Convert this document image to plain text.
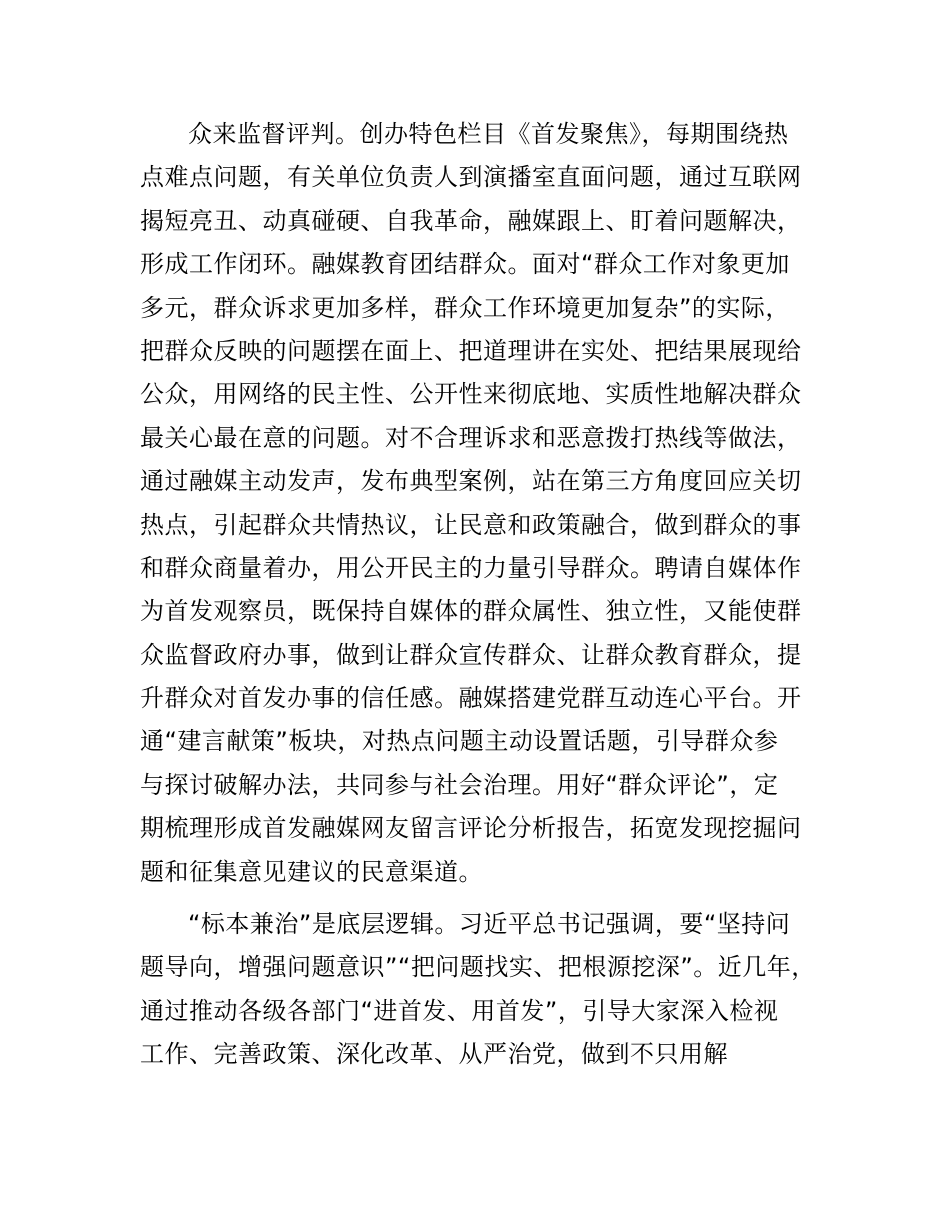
众来监督评判。创办特色栏目《首发聚焦》，每期围绕热
点难点问题，有关单位负责人到演播室直面问题，通过互联网
揭短亮丑、动真碰硬、自我革命，融媒跟上、盯着问题解决，
形成工作闭环。融媒教育团结群众。面对“群众工作对象更加
多元，群众诉求更加多样，群众工作环境更加复杂”的实际，
把群众反映的问题摆在面上、把道理讲在实处、把结果展现给
公众，用网络的民主性、公开性来彻底地、实质性地解决群众
最关心最在意的问题。对不合理诉求和恶意拨打热线等做法，
通过融媒主动发声，发布典型案例，站在第三方角度回应关切
热点，引起群众共情热议，让民意和政策融合，做到群众的事
和群众商量着办，用公开民主的力量引导群众。聘请自媒体作
为首发观察员，既保持自媒体的群众属性、独立性，又能使群
众监督政府办事，做到让群众宣传群众、让群众教育群众，提
升群众对首发办事的信任感。融媒搭建党群互动连心平台。开
通“建言献策”板块，对热点问题主动设置话题，引导群众参
与探讨破解办法，共同参与社会治理。用好“群众评论”，定
期梳理形成首发融媒网友留言评论分析报告，拓宽发现挖掘问
题和征集意见建议的民意渠道。
“标本兼治”是底层逻辑。习近平总书记强调，要“坚持问
题导向，增强问题意识”“把问题找实、把根源挖深”。近几年，
通过推动各级各部门“进首发、用首发”，引导大家深入检视
工作、完善政策、深化改革、从严治党，做到不只用解
